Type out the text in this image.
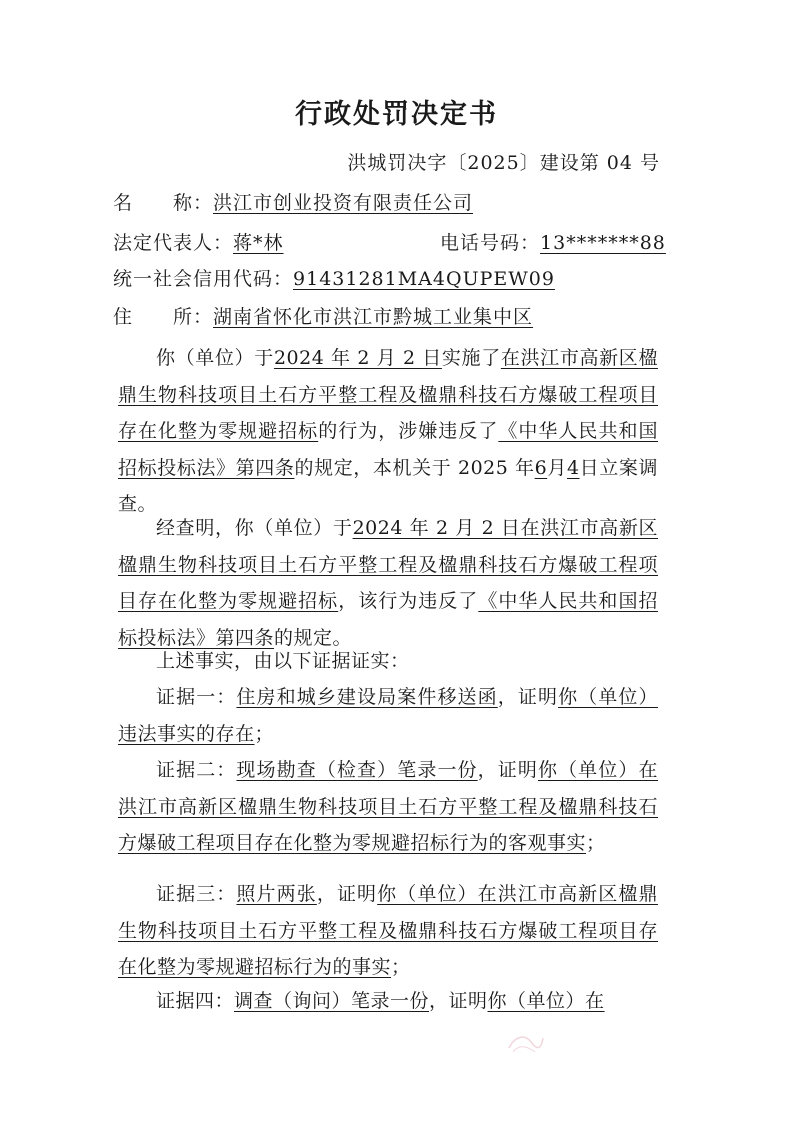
行政处罚决定书
洪城罚决字〔2025〕建设第 04 号
名　　称：洪江市创业投资有限责任公司
法定代表人：蒋*林	电话号码：13*******88
统一社会信用代码：91431281MA4QUPEW09
住　　所：湖南省怀化市洪江市黔城工业集中区
你（单位）于2024 年 2 月 2 日实施了在洪江市高新区楹鼎生物科技项目土石方平整工程及楹鼎科技石方爆破工程项目存在化整为零规避招标的行为，涉嫌违反了《中华人民共和国招标投标法》第四条的规定，本机关于 2025 年6月4日立案调查。
经查明，你（单位）于2024 年 2 月 2 日在洪江市高新区楹鼎生物科技项目土石方平整工程及楹鼎科技石方爆破工程项目存在化整为零规避招标，该行为违反了《中华人民共和国招标投标法》第四条的规定。
上述事实，由以下证据证实：
证据一：住房和城乡建设局案件移送函，证明你（单位）违法事实的存在；
证据二：现场勘查（检查）笔录一份，证明你（单位）在洪江市高新区楹鼎生物科技项目土石方平整工程及楹鼎科技石方爆破工程项目存在化整为零规避招标行为的客观事实；
证据三：照片两张，证明你（单位）在洪江市高新区楹鼎生物科技项目土石方平整工程及楹鼎科技石方爆破工程项目存在化整为零规避招标行为的事实；
证据四：调查（询问）笔录一份，证明你（单位）在
